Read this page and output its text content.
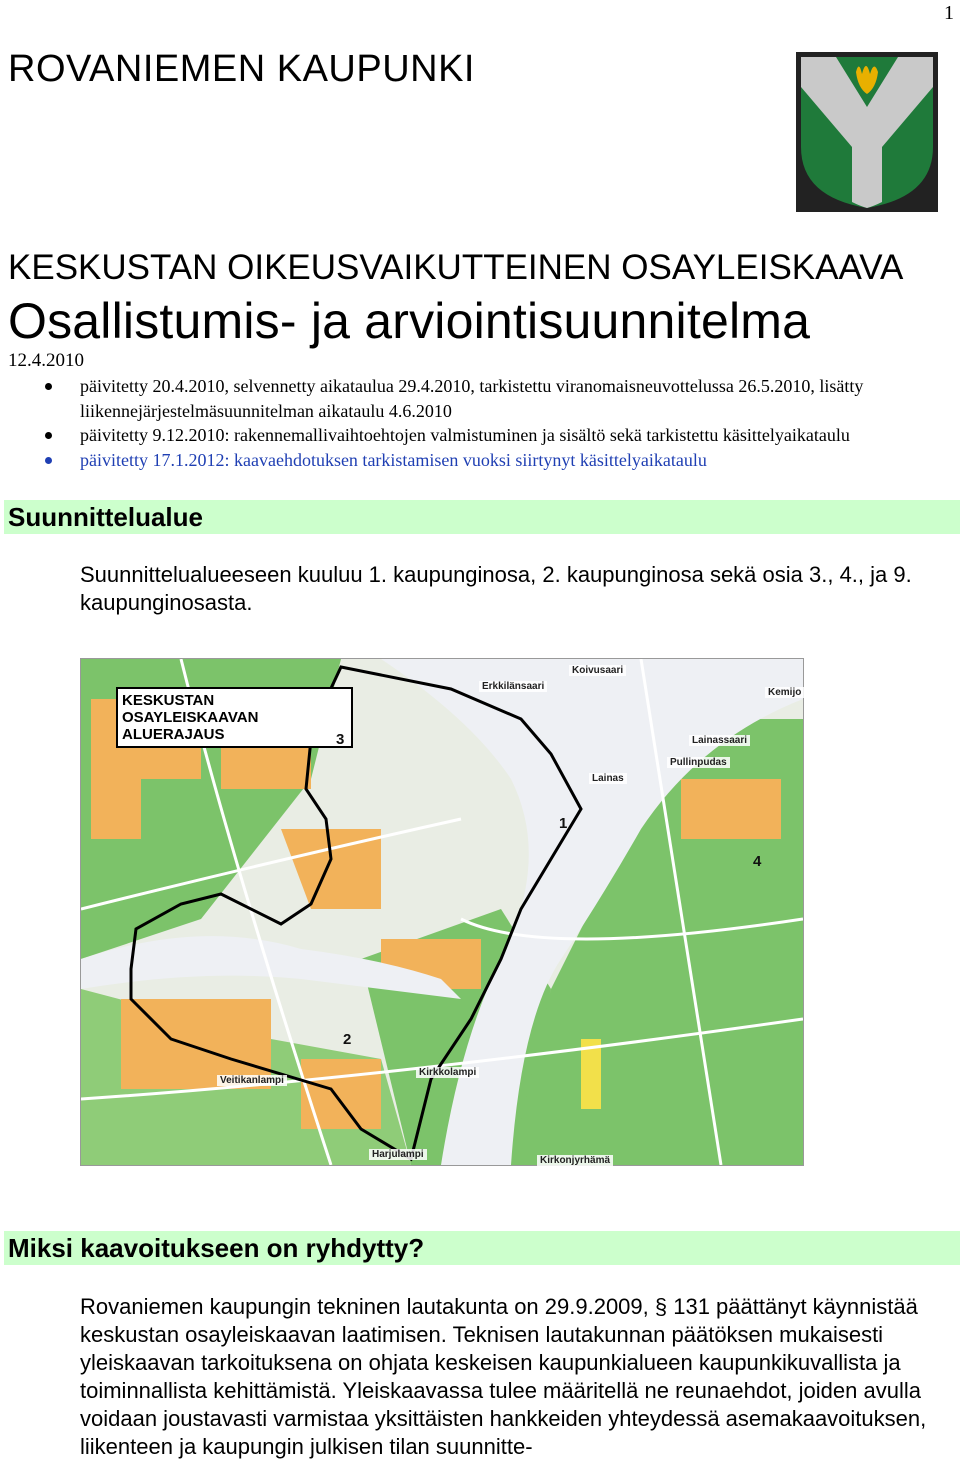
1
ROVANIEMEN KAUPUNKI
KESKUSTAN OIKEUSVAIKUTTEINEN OSAYLEISKAAVA
Osallistumis- ja arviointisuunnitelma
12.4.2010
päivitetty 20.4.2010, selvennetty aikataulua 29.4.2010, tarkistettu viranomaisneuvottelussa 26.5.2010, lisätty liikennejärjestelmäsuunnitelman aikataulu 4.6.2010
päivitetty 9.12.2010: rakennemallivaihtoehtojen valmistuminen ja sisältö sekä tarkistettu käsittelyaikataulu
päivitetty 17.1.2012: kaavaehdotuksen tarkistamisen vuoksi siirtynyt käsittelyaikataulu
Suunnittelualue

Suunnittelualueeseen kuuluu 1. kaupunginosa, 2. kaupunginosa sekä osia 3., 4., ja 9. kaupunginosasta.

KESKUSTAN OSAYLEISKAAVAN
ALUERAJAUS
Erkkilänsaari
Koivusaari
Kemijo
Lainassaari
Pullinpudas
Lainas
Veitikanlampi
Kirkkolampi
Harjulampi
Kirkonjyrhämä
1
2
3
4
Miksi kaavoitukseen on ryhdytty?

Rovaniemen kaupungin tekninen lautakunta on 29.9.2009, § 131 päättänyt käynnistää keskustan osayleiskaavan laatimisen. Teknisen lautakunnan päätöksen mukaisesti yleiskaavan tarkoituksena on ohjata keskeisen kaupunkialueen kaupunkikuvallista ja toiminnallista kehittämistä. Yleiskaavassa tulee määritellä ne reunaehdot, joiden avulla voidaan joustavasti varmistaa yksittäisten hankkeiden yhteydessä asemakaavoituksen, liikenteen ja kaupungin julkisen tilan suunnitte-
